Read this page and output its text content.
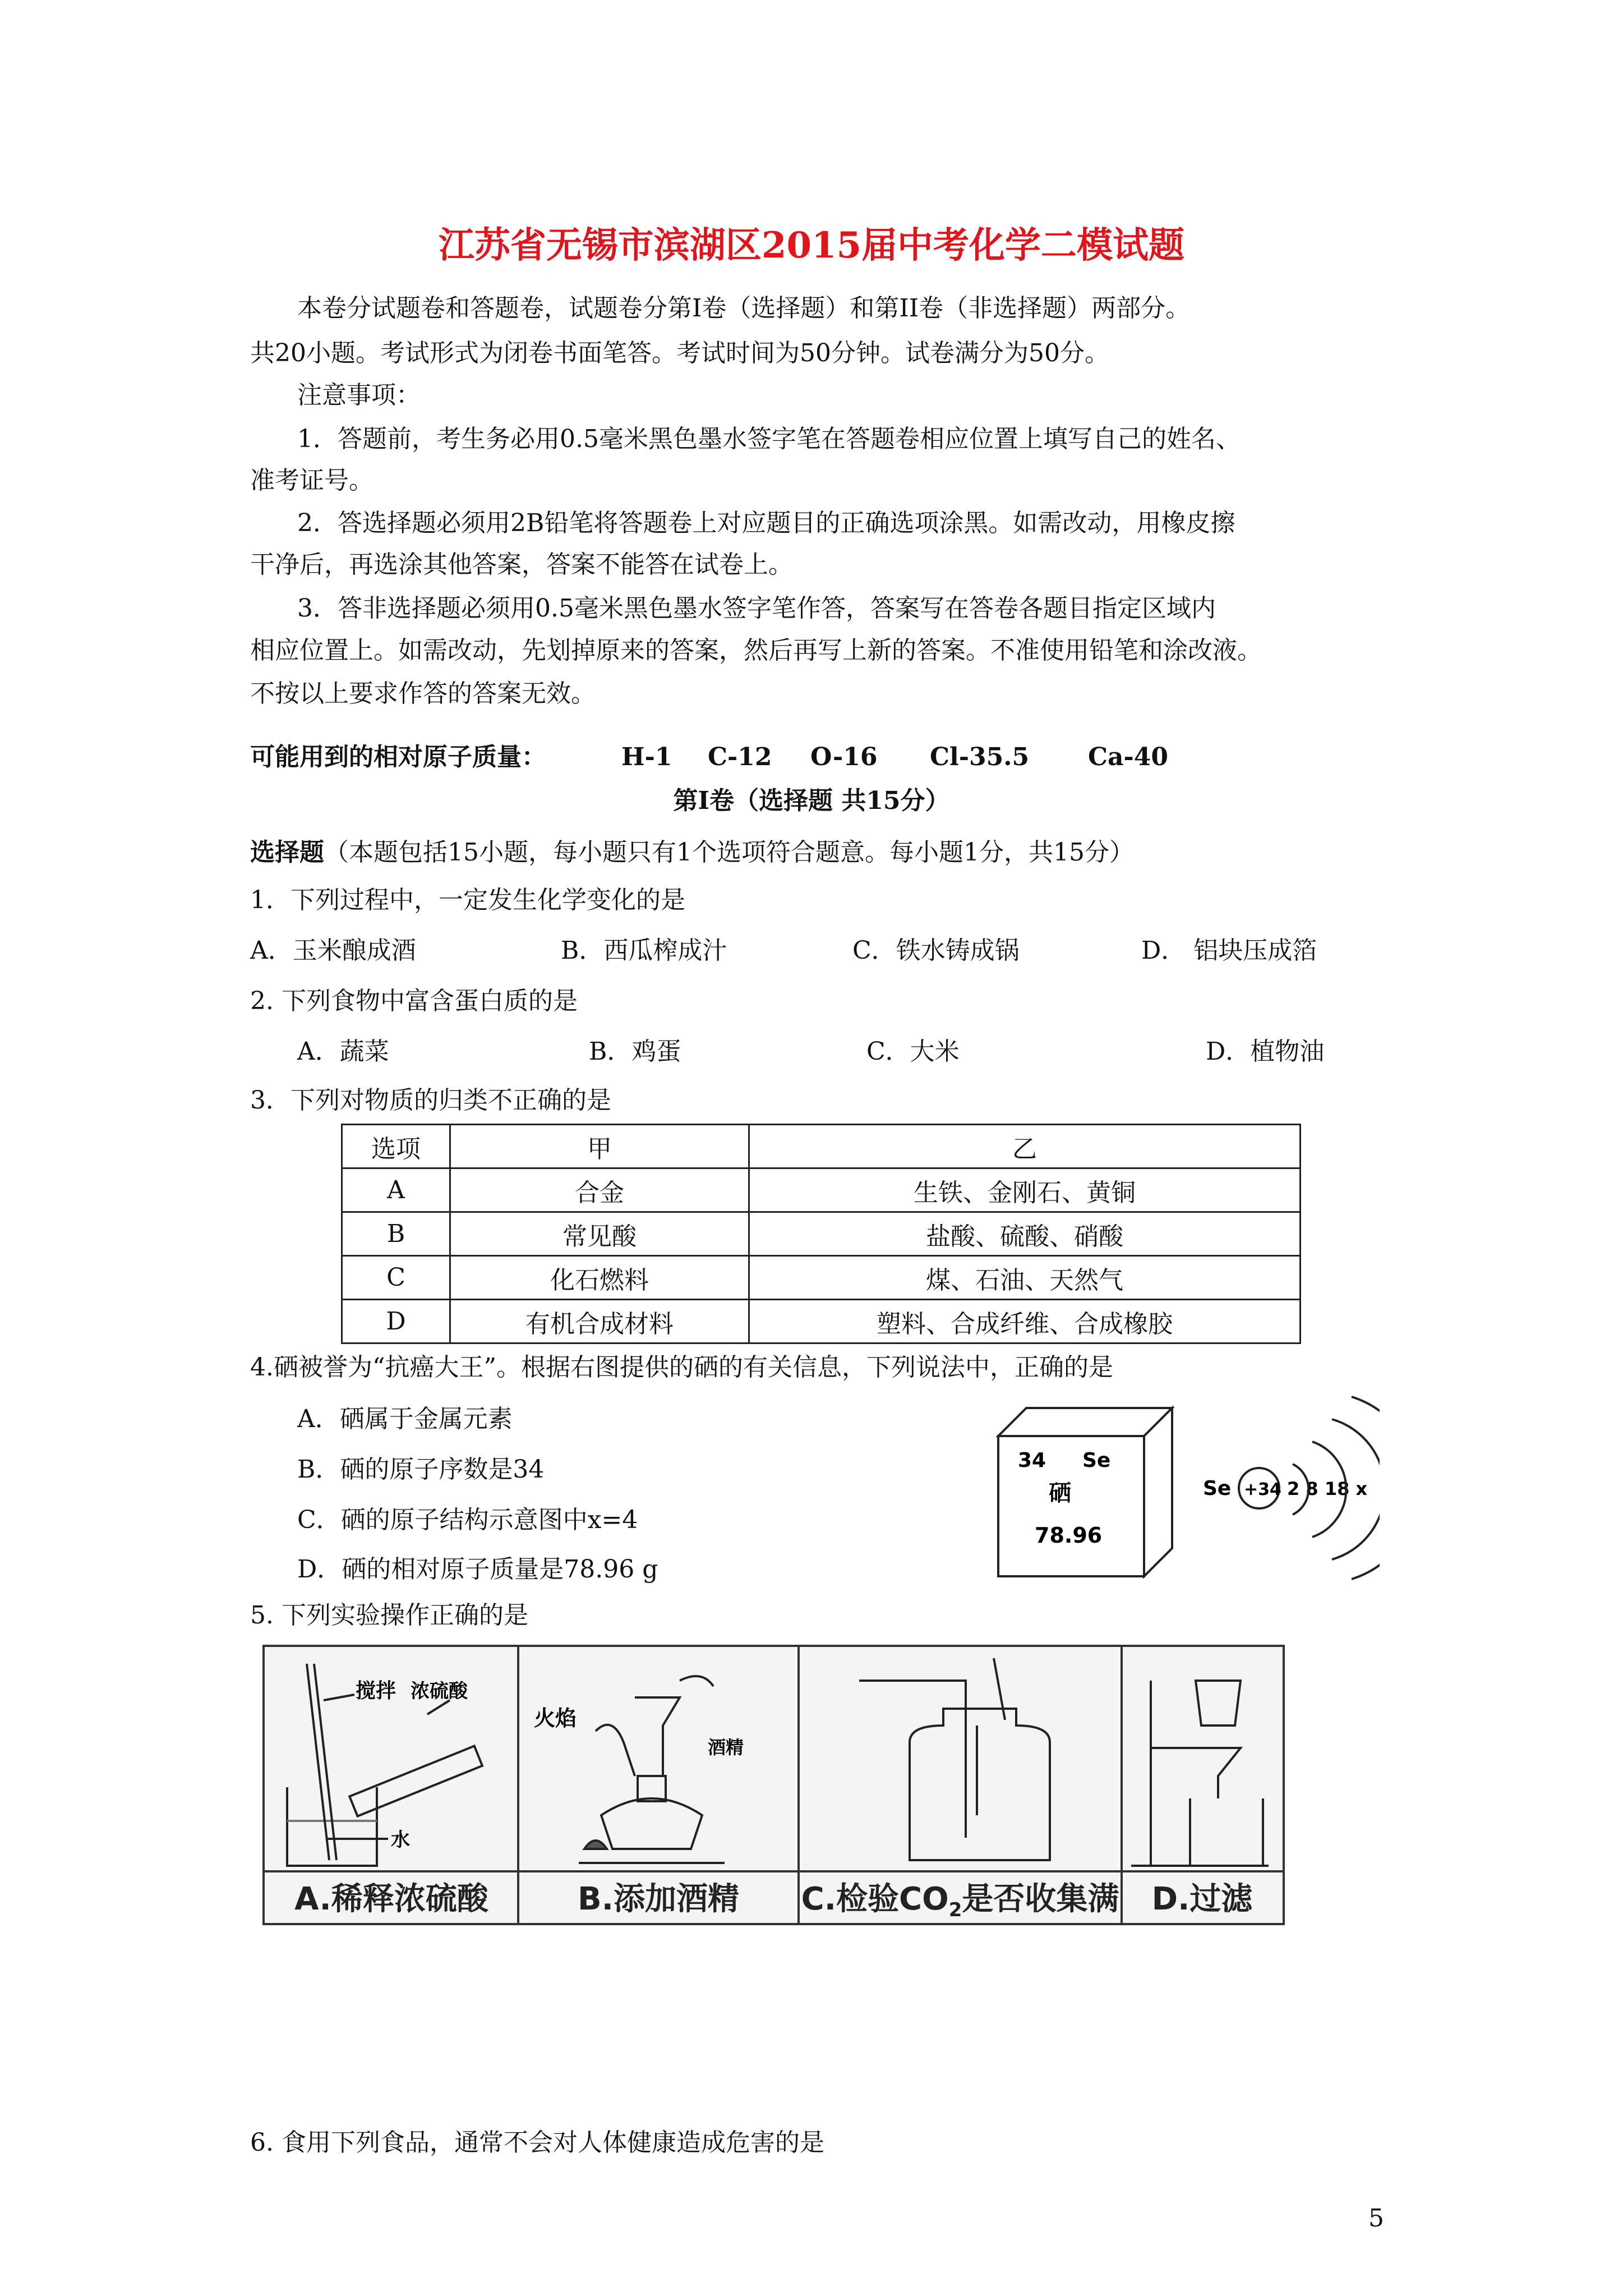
江苏省无锡市滨湖区2015届中考化学二模试题
本卷分试题卷和答题卷，试题卷分第Ⅰ卷（选择题）和第II卷（非选择题）两部分。
共20小题。考试形式为闭卷书面笔答。考试时间为50分钟。试卷满分为50分。
注意事项：
1．答题前，考生务必用0.5毫米黑色墨水签字笔在答题卷相应位置上填写自己的姓名、
准考证号。
2．答选择题必须用2B铅笔将答题卷上对应题目的正确选项涂黑。如需改动，用橡皮擦
干净后，再选涂其他答案，答案不能答在试卷上。
3．答非选择题必须用0.5毫米黑色墨水签字笔作答，答案写在答卷各题目指定区域内
相应位置上。如需改动，先划掉原来的答案，然后再写上新的答案。不准使用铅笔和涂改液。
不按以上要求作答的答案无效。
可能用到的相对原子质量：	H-1 C-12 O-16 Cl-35.5 Ca-40
第Ⅰ卷（选择题 共15分）
选择题（本题包括15小题，每小题只有1个选项符合题意。每小题1分，共15分）
1．下列过程中，一定发生化学变化的是
A．玉米酿成酒	B．西瓜榨成汁	C．铁水铸成锅	D． 铝块压成箔
2. 下列食物中富含蛋白质的是
A．蔬菜	B．鸡蛋	C．大米	D．植物油
3．下列对物质的归类不正确的是
选项	甲	乙
A	合金	生铁、金刚石、黄铜
B	常见酸	盐酸、硫酸、硝酸
C	化石燃料	煤、石油、天然气
D	有机合成材料	塑料、合成纤维、合成橡胶
4.硒被誉为“抗癌大王”。根据右图提供的硒的有关信息，下列说法中，正确的是
A．硒属于金属元素
B．硒的原子序数是34
C．硒的原子结构示意图中x=4
D．硒的相对原子质量是78.96 g
34 Se
硒
78.96
Se +34 2 8 18 x
5. 下列实验操作正确的是
搅拌 浓硫酸
水
火焰
酒精
A.稀释浓硫酸	B.添加酒精	C.检验$CO_2$是否收集满	D.过滤
6. 食用下列食品，通常不会对人体健康造成危害的是
5
